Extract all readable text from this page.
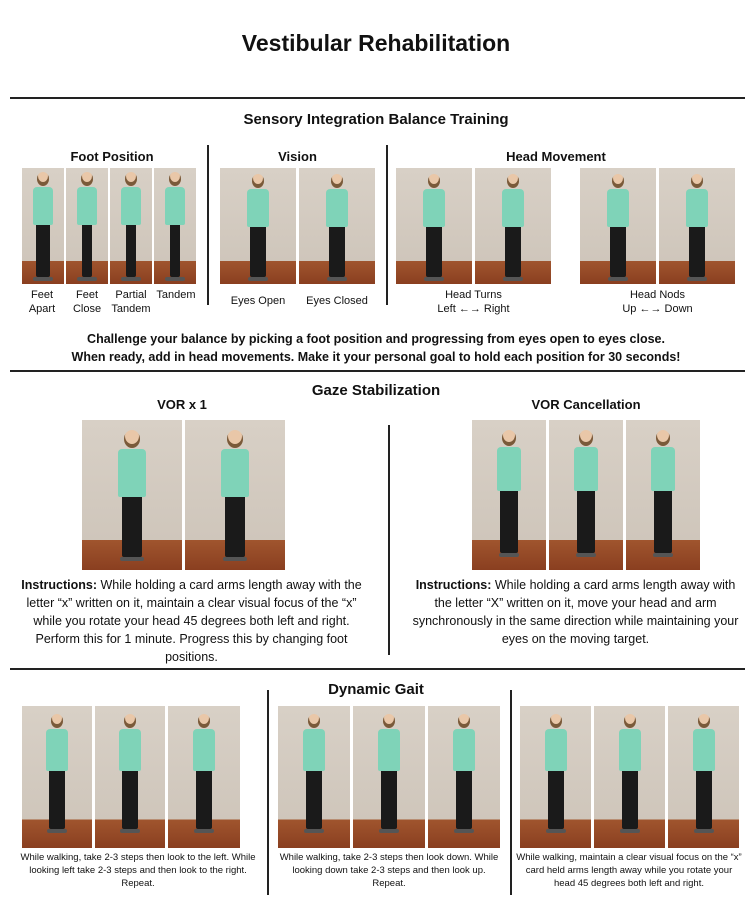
Vestibular Rehabilitation
Sensory Integration Balance Training
Foot Position	Vision	Head Movement
Feet
Apart
Feet
Close
Partial
Tandem
Tandem	Eyes Open	Eyes Closed	Head Turns
Left ←→ Right
Head Nods
Up ←→ Down
Challenge your balance by picking a foot position and progressing from eyes open to eyes close.
When ready, add in head movements. Make it your personal goal to hold each position for 30 seconds!
Gaze Stabilization
VOR x 1	VOR Cancellation
Instructions: While holding a card arms length away with the letter “x” written on it, maintain a clear visual focus of the “x” while you rotate your head 45 degrees both left and right. Perform this for 1 minute. Progress this by changing foot positions.
Instructions: While holding a card arms length away with the letter “X” written on it, move your head and arm synchronously in the same direction while maintaining your eyes on the moving target.
Dynamic Gait
While walking, take 2-3 steps then look to the left. While looking left take 2-3 steps and then look to the right. Repeat.
While walking, take 2-3 steps then look down. While looking down take 2-3 steps and then look up. Repeat.
While walking, maintain a clear visual focus on the “x” card held arms length away while you rotate your head 45 degrees both left and right.
